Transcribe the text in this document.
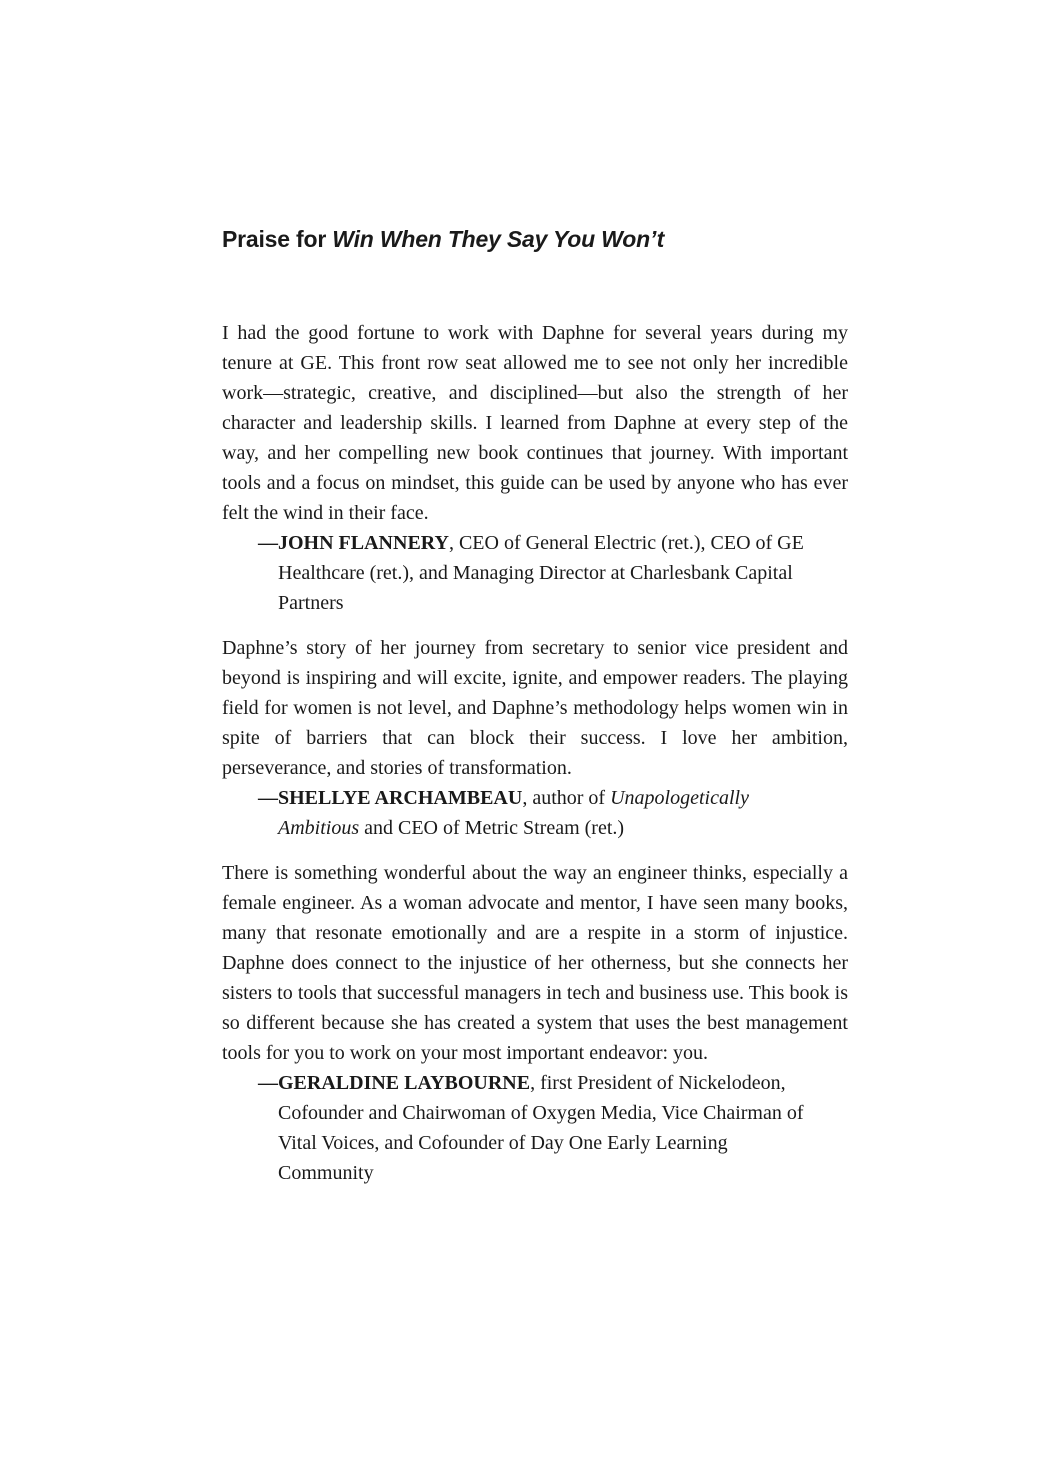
Praise for Win When They Say You Won’t

I had the good fortune to work with Daphne for several years during my tenure at GE. This front row seat allowed me to see not only her incredible work—strategic, creative, and disciplined—but also the strength of her character and leadership skills. I learned from Daphne at every step of the way, and her compelling new book continues that journey. With important tools and a focus on mindset, this guide can be used by anyone who has ever felt the wind in their face.

—JOHN FLANNERY, CEO of General Electric (ret.), CEO of GE Healthcare (ret.), and Managing Director at Charlesbank Capital Partners

Daphne’s story of her journey from secretary to senior vice president and beyond is inspiring and will excite, ignite, and empower readers. The playing field for women is not level, and Daphne’s methodology helps women win in spite of barriers that can block their success. I love her ambition, perseverance, and stories of transformation.

—SHELLYE ARCHAMBEAU, author of Unapologetically Ambitious and CEO of Metric Stream (ret.)

There is something wonderful about the way an engineer thinks, especially a female engineer. As a woman advocate and mentor, I have seen many books, many that resonate emotionally and are a respite in a storm of injustice. Daphne does connect to the injustice of her otherness, but she connects her sisters to tools that successful managers in tech and business use. This book is so different because she has created a system that uses the best management tools for you to work on your most important endeavor: you.

—GERALDINE LAYBOURNE, first President of Nickelodeon, Cofounder and Chairwoman of Oxygen Media, Vice Chairman of Vital Voices, and Cofounder of Day One Early Learning Community
